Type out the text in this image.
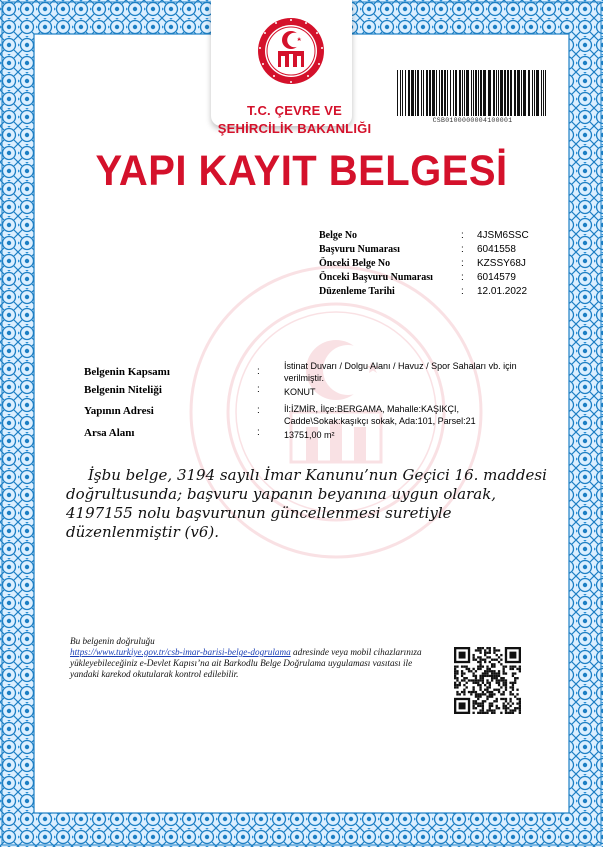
T.C. ÇEVRE VE
ŞEHİRCİLİK BAKANLIĞI
YAPI KAYIT BELGESİ
CSB0100000004100001
Belge No	: 4JSM6SSC
Başvuru Numarası	: 6041558
Önceki Belge No	: KZSSY68J
Önceki Başvuru Numarası	: 6014579
Düzenleme Tarihi	: 12.01.2022
Belgenin Kapsamı	:	İstinat Duvarı / Dolgu Alanı / Havuz / Spor Sahaları vb. için verilmiştir.
Belgenin Niteliği	:	KONUT
Yapının Adresi	:	İl:İZMİR, İlçe:BERGAMA, Mahalle:KAŞIKÇI, Cadde\Sokak:kaşıkçı sokak, Ada:101, Parsel:21
Arsa Alanı	:	13751,00 m²
İşbu belge, 3194 sayılı İmar Kanunu’nun Geçici 16. maddesi doğrultusunda; başvuru yapanın beyanına uygun olarak, 4197155 nolu başvurunun güncellenmesi suretiyle düzenlenmiştir (v6).
Bu belgenin doğruluğu
https://www.turkiye.gov.tr/csb-imar-barisi-belge-dogrulama adresinde veya mobil cihazlarınıza yükleyebileceğiniz e-Devlet Kapısı’na ait Barkodlu Belge Doğrulama uygulaması vasıtası ile yandaki karekod okutularak kontrol edilebilir.
